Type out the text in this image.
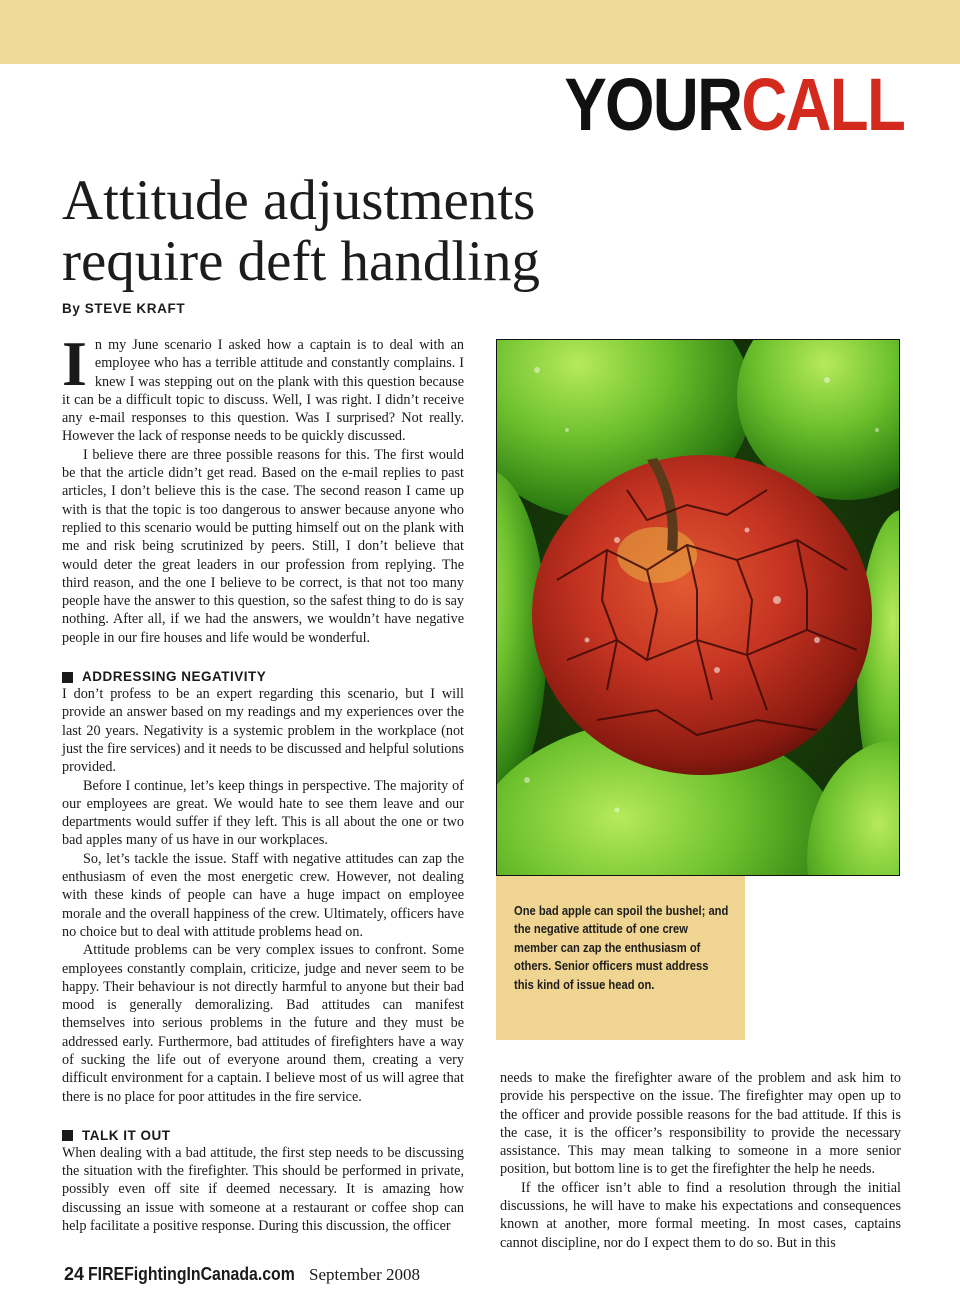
YOURCALL
Attitude adjustments require deft handling
By STEVE KRAFT

In my June scenario I asked how a captain is to deal with an employee who has a terrible attitude and constantly complains. I knew I was stepping out on the plank with this question because it can be a difficult topic to discuss. Well, I was right. I didn’t receive any e-mail responses to this question. Was I surprised? Not really. However the lack of response needs to be quickly discussed.

I believe there are three possible reasons for this. The first would be that the article didn’t get read. Based on the e-mail replies to past articles, I don’t believe this is the case. The second reason I came up with is that the topic is too dangerous to answer because anyone who replied to this scenario would be putting himself out on the plank with me and risk being scrutinized by peers. Still, I don’t believe that would deter the great leaders in our profession from replying. The third reason, and the one I believe to be correct, is that not too many people have the answer to this question, so the safest thing to do is say nothing. After all, if we had the answers, we wouldn’t have negative people in our fire houses and life would be wonderful.

ADDRESSING NEGATIVITY

I don’t profess to be an expert regarding this scenario, but I will provide an answer based on my readings and my experiences over the last 20 years. Negativity is a systemic problem in the workplace (not just the fire services) and it needs to be discussed and helpful solutions provided.

Before I continue, let’s keep things in perspective. The majority of our employees are great. We would hate to see them leave and our departments would suffer if they left. This is all about the one or two bad apples many of us have in our workplaces.

So, let’s tackle the issue. Staff with negative attitudes can zap the enthusiasm of even the most energetic crew. However, not dealing with these kinds of people can have a huge impact on employee morale and the overall happiness of the crew. Ultimately, officers have no choice but to deal with attitude problems head on.

Attitude problems can be very complex issues to confront. Some employees constantly complain, criticize, judge and never seem to be happy. Their behaviour is not directly harmful to anyone but their bad mood is generally demoralizing. Bad attitudes can manifest themselves into serious problems in the future and they must be addressed early. Furthermore, bad attitudes of firefighters have a way of sucking the life out of everyone around them, creating a very difficult environment for a captain. I believe most of us will agree that there is no place for poor attitudes in the fire service.

TALK IT OUT

When dealing with a bad attitude, the first step needs to be discussing the situation with the firefighter. This should be performed in private, possibly even off site if deemed necessary. It is amazing how discussing an issue with someone at a restaurant or coffee shop can help facilitate a positive response. During this discussion, the officer

One bad apple can spoil the bushel; and the negative attitude of one crew member can zap the enthusiasm of others. Senior officers must address this kind of issue head on.

needs to make the firefighter aware of the problem and ask him to provide his perspective on the issue. The firefighter may open up to the officer and provide possible reasons for the bad attitude. If this is the case, it is the officer’s responsibility to provide the necessary assistance. This may mean talking to someone in a more senior position, but bottom line is to get the firefighter the help he needs.

If the officer isn’t able to find a resolution through the initial discussions, he will have to make his expectations and consequences known at another, more formal meeting. In most cases, captains cannot discipline, nor do I expect them to do so. But in this

24 FIREFightingInCanada.com September 2008
